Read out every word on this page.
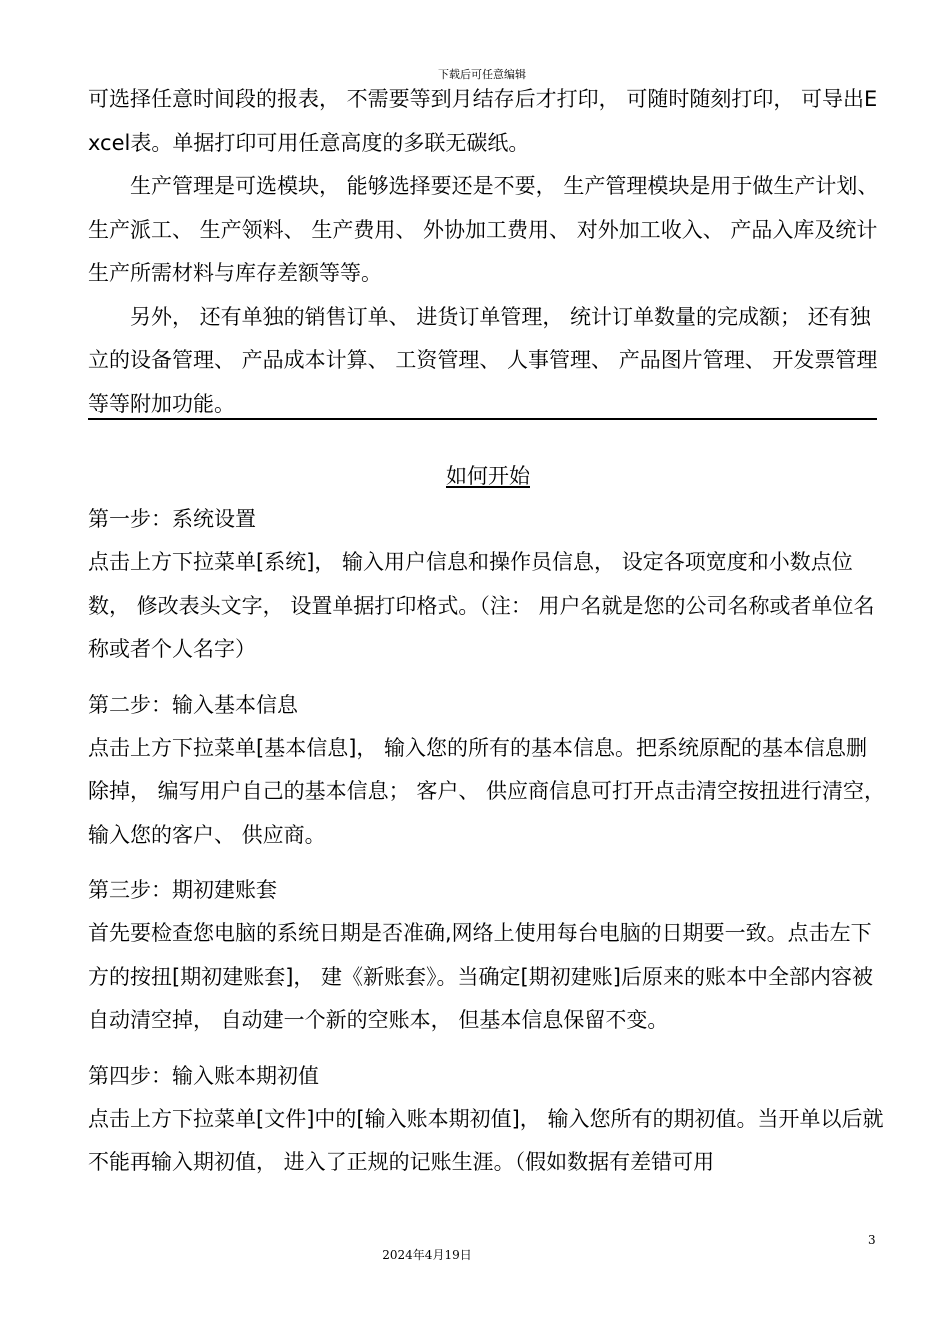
下载后可任意编辑

可选择任意时间段的报表， 不需要等到月结存后才打印， 可随时随刻打印， 可导出Excel表。单据打印可用任意高度的多联无碳纸。

　　生产管理是可选模块， 能够选择要还是不要， 生产管理模块是用于做生产计划、 生产派工、 生产领料、 生产费用、 外协加工费用、 对外加工收入、 产品入库及统计生产所需材料与库存差额等等。

　　另外， 还有单独的销售订单、 进货订单管理， 统计订单数量的完成额； 还有独立的设备管理、 产品成本计算、 工资管理、 人事管理、 产品图片管理、 开发票管理等等附加功能。

如何开始

第一步：系统设置

点击上方下拉菜单[系统]， 输入用户信息和操作员信息， 设定各项宽度和小数点位数， 修改表头文字， 设置单据打印格式。（注： 用户名就是您的公司名称或者单位名称或者个人名字）

第二步：输入基本信息

点击上方下拉菜单[基本信息]， 输入您的所有的基本信息。把系统原配的基本信息删除掉， 编写用户自己的基本信息； 客户、 供应商信息可打开点击清空按扭进行清空， 输入您的客户、 供应商。

第三步：期初建账套

首先要检查您电脑的系统日期是否准确,网络上使用每台电脑的日期要一致。点击左下方的按扭[期初建账套]， 建《新账套》。当确定[期初建账]后原来的账本中全部内容被自动清空掉， 自动建一个新的空账本， 但基本信息保留不变。

第四步：输入账本期初值

点击上方下拉菜单[文件]中的[输入账本期初值]， 输入您所有的期初值。当开单以后就不能再输入期初值， 进入了正规的记账生涯。（假如数据有差错可用

3
2024年4月19日
